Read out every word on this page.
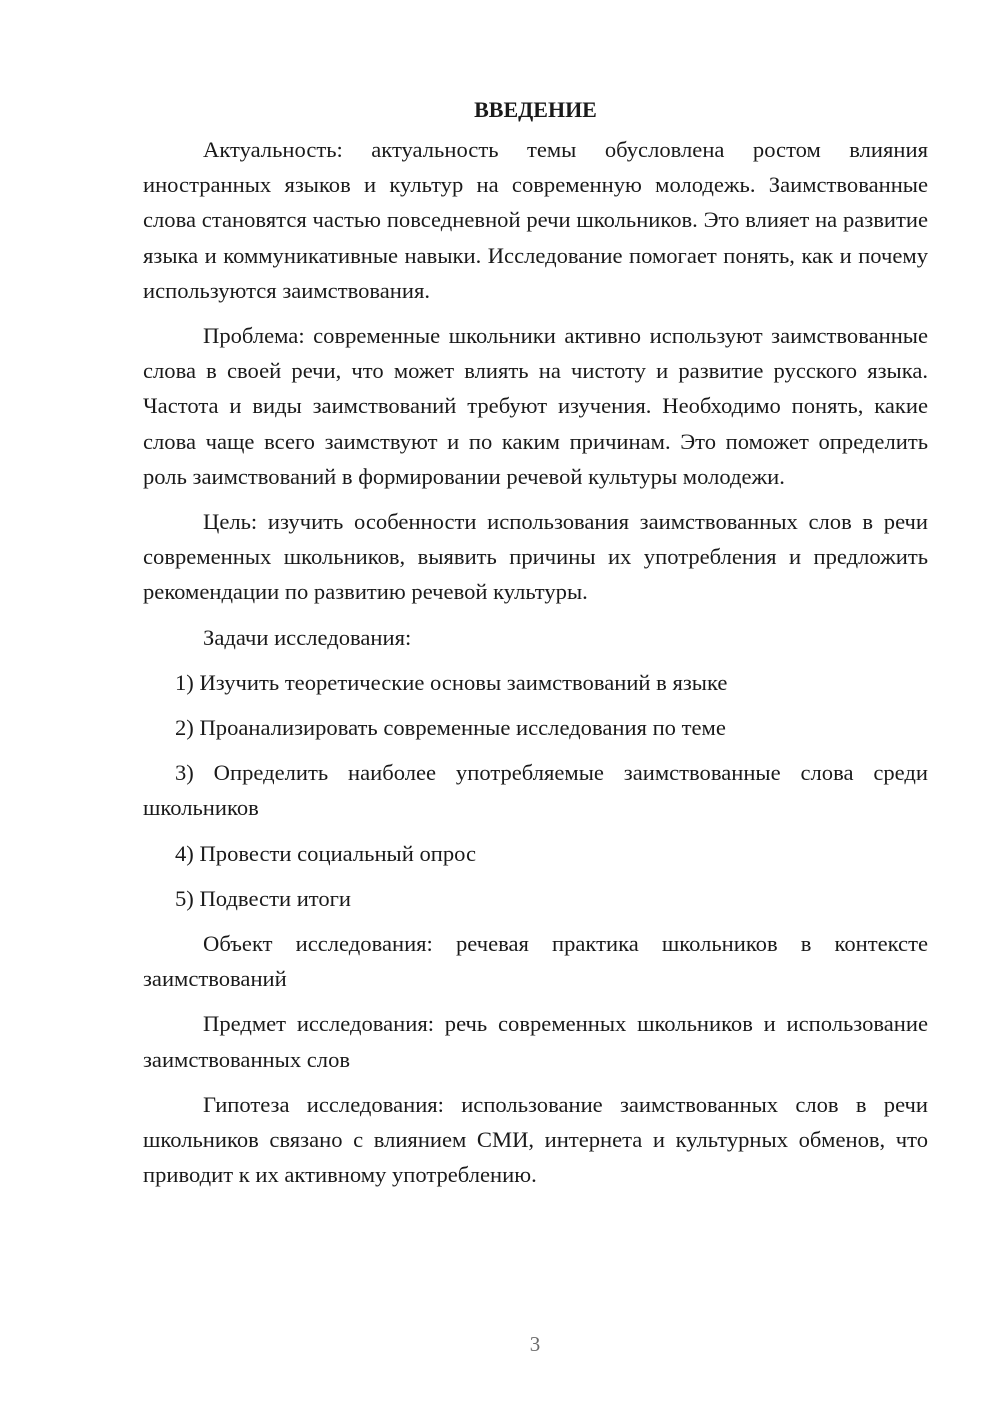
ВВЕДЕНИЕ

Актуальность: актуальность темы обусловлена ростом влияния иностранных языков и культур на современную молодежь. Заимствованные слова становятся частью повседневной речи школьников. Это влияет на развитие языка и коммуникативные навыки. Исследование помогает понять, как и почему используются заимствования.

Проблема: современные школьники активно используют заимствованные слова в своей речи, что может влиять на чистоту и развитие русского языка. Частота и виды заимствований требуют изучения. Необходимо понять, какие слова чаще всего заимствуют и по каким причинам. Это поможет определить роль заимствований в формировании речевой культуры молодежи.

Цель: изучить особенности использования заимствованных слов в речи современных школьников, выявить причины их употребления и предложить рекомендации по развитию речевой культуры.

Задачи исследования:

1) Изучить теоретические основы заимствований в языке

2) Проанализировать современные исследования по теме

3) Определить наиболее употребляемые заимствованные слова среди школьников

4) Провести социальный опрос

5) Подвести итоги

Объект исследования: речевая практика школьников в контексте заимствований

Предмет исследования: речь современных школьников и использование заимствованных слов

Гипотеза исследования: использование заимствованных слов в речи школьников связано с влиянием СМИ, интернета и культурных обменов, что приводит к их активному употреблению.

3
